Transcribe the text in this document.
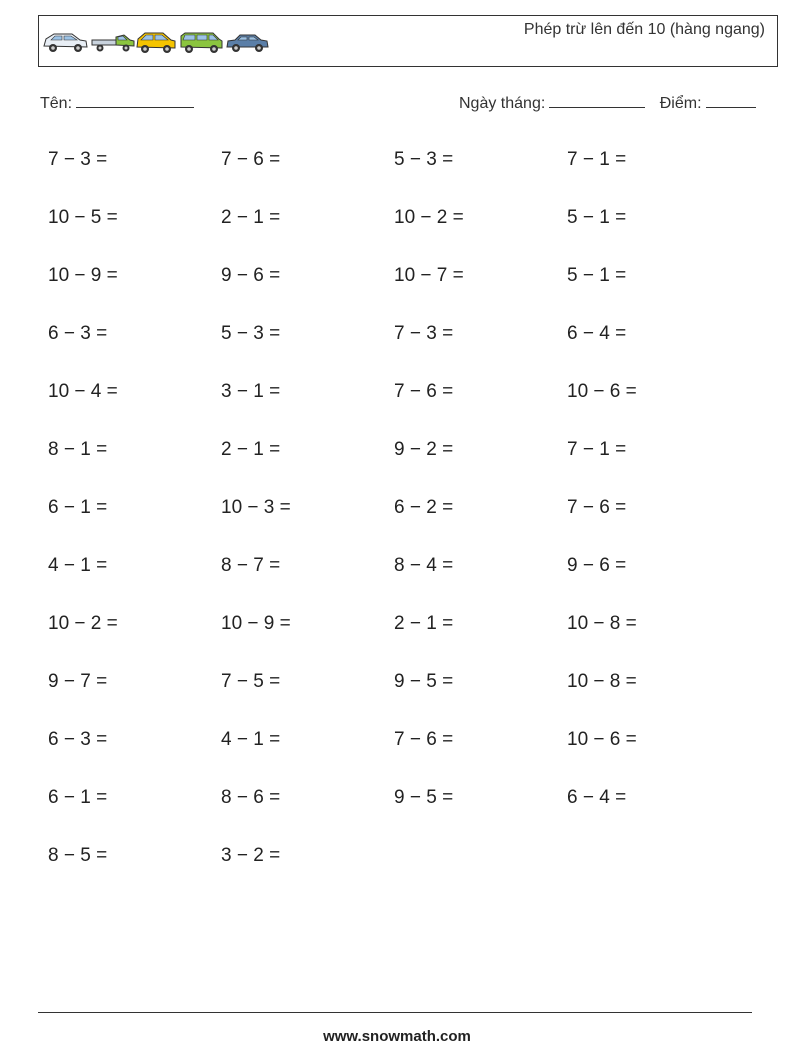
Phép trừ lên đến 10 (hàng ngang)
Tên:	Ngày tháng:	Điểm:
7 − 3 =	7 − 6 =	5 − 3 =	7 − 1 =
10 − 5 =	2 − 1 =	10 − 2 =	5 − 1 =
10 − 9 =	9 − 6 =	10 − 7 =	5 − 1 =
6 − 3 =	5 − 3 =	7 − 3 =	6 − 4 =
10 − 4 =	3 − 1 =	7 − 6 =	10 − 6 =
8 − 1 =	2 − 1 =	9 − 2 =	7 − 1 =
6 − 1 =	10 − 3 =	6 − 2 =	7 − 6 =
4 − 1 =	8 − 7 =	8 − 4 =	9 − 6 =
10 − 2 =	10 − 9 =	2 − 1 =	10 − 8 =
9 − 7 =	7 − 5 =	9 − 5 =	10 − 8 =
6 − 3 =	4 − 1 =	7 − 6 =	10 − 6 =
6 − 1 =	8 − 6 =	9 − 5 =	6 − 4 =
8 − 5 =	3 − 2 =
www.snowmath.com
